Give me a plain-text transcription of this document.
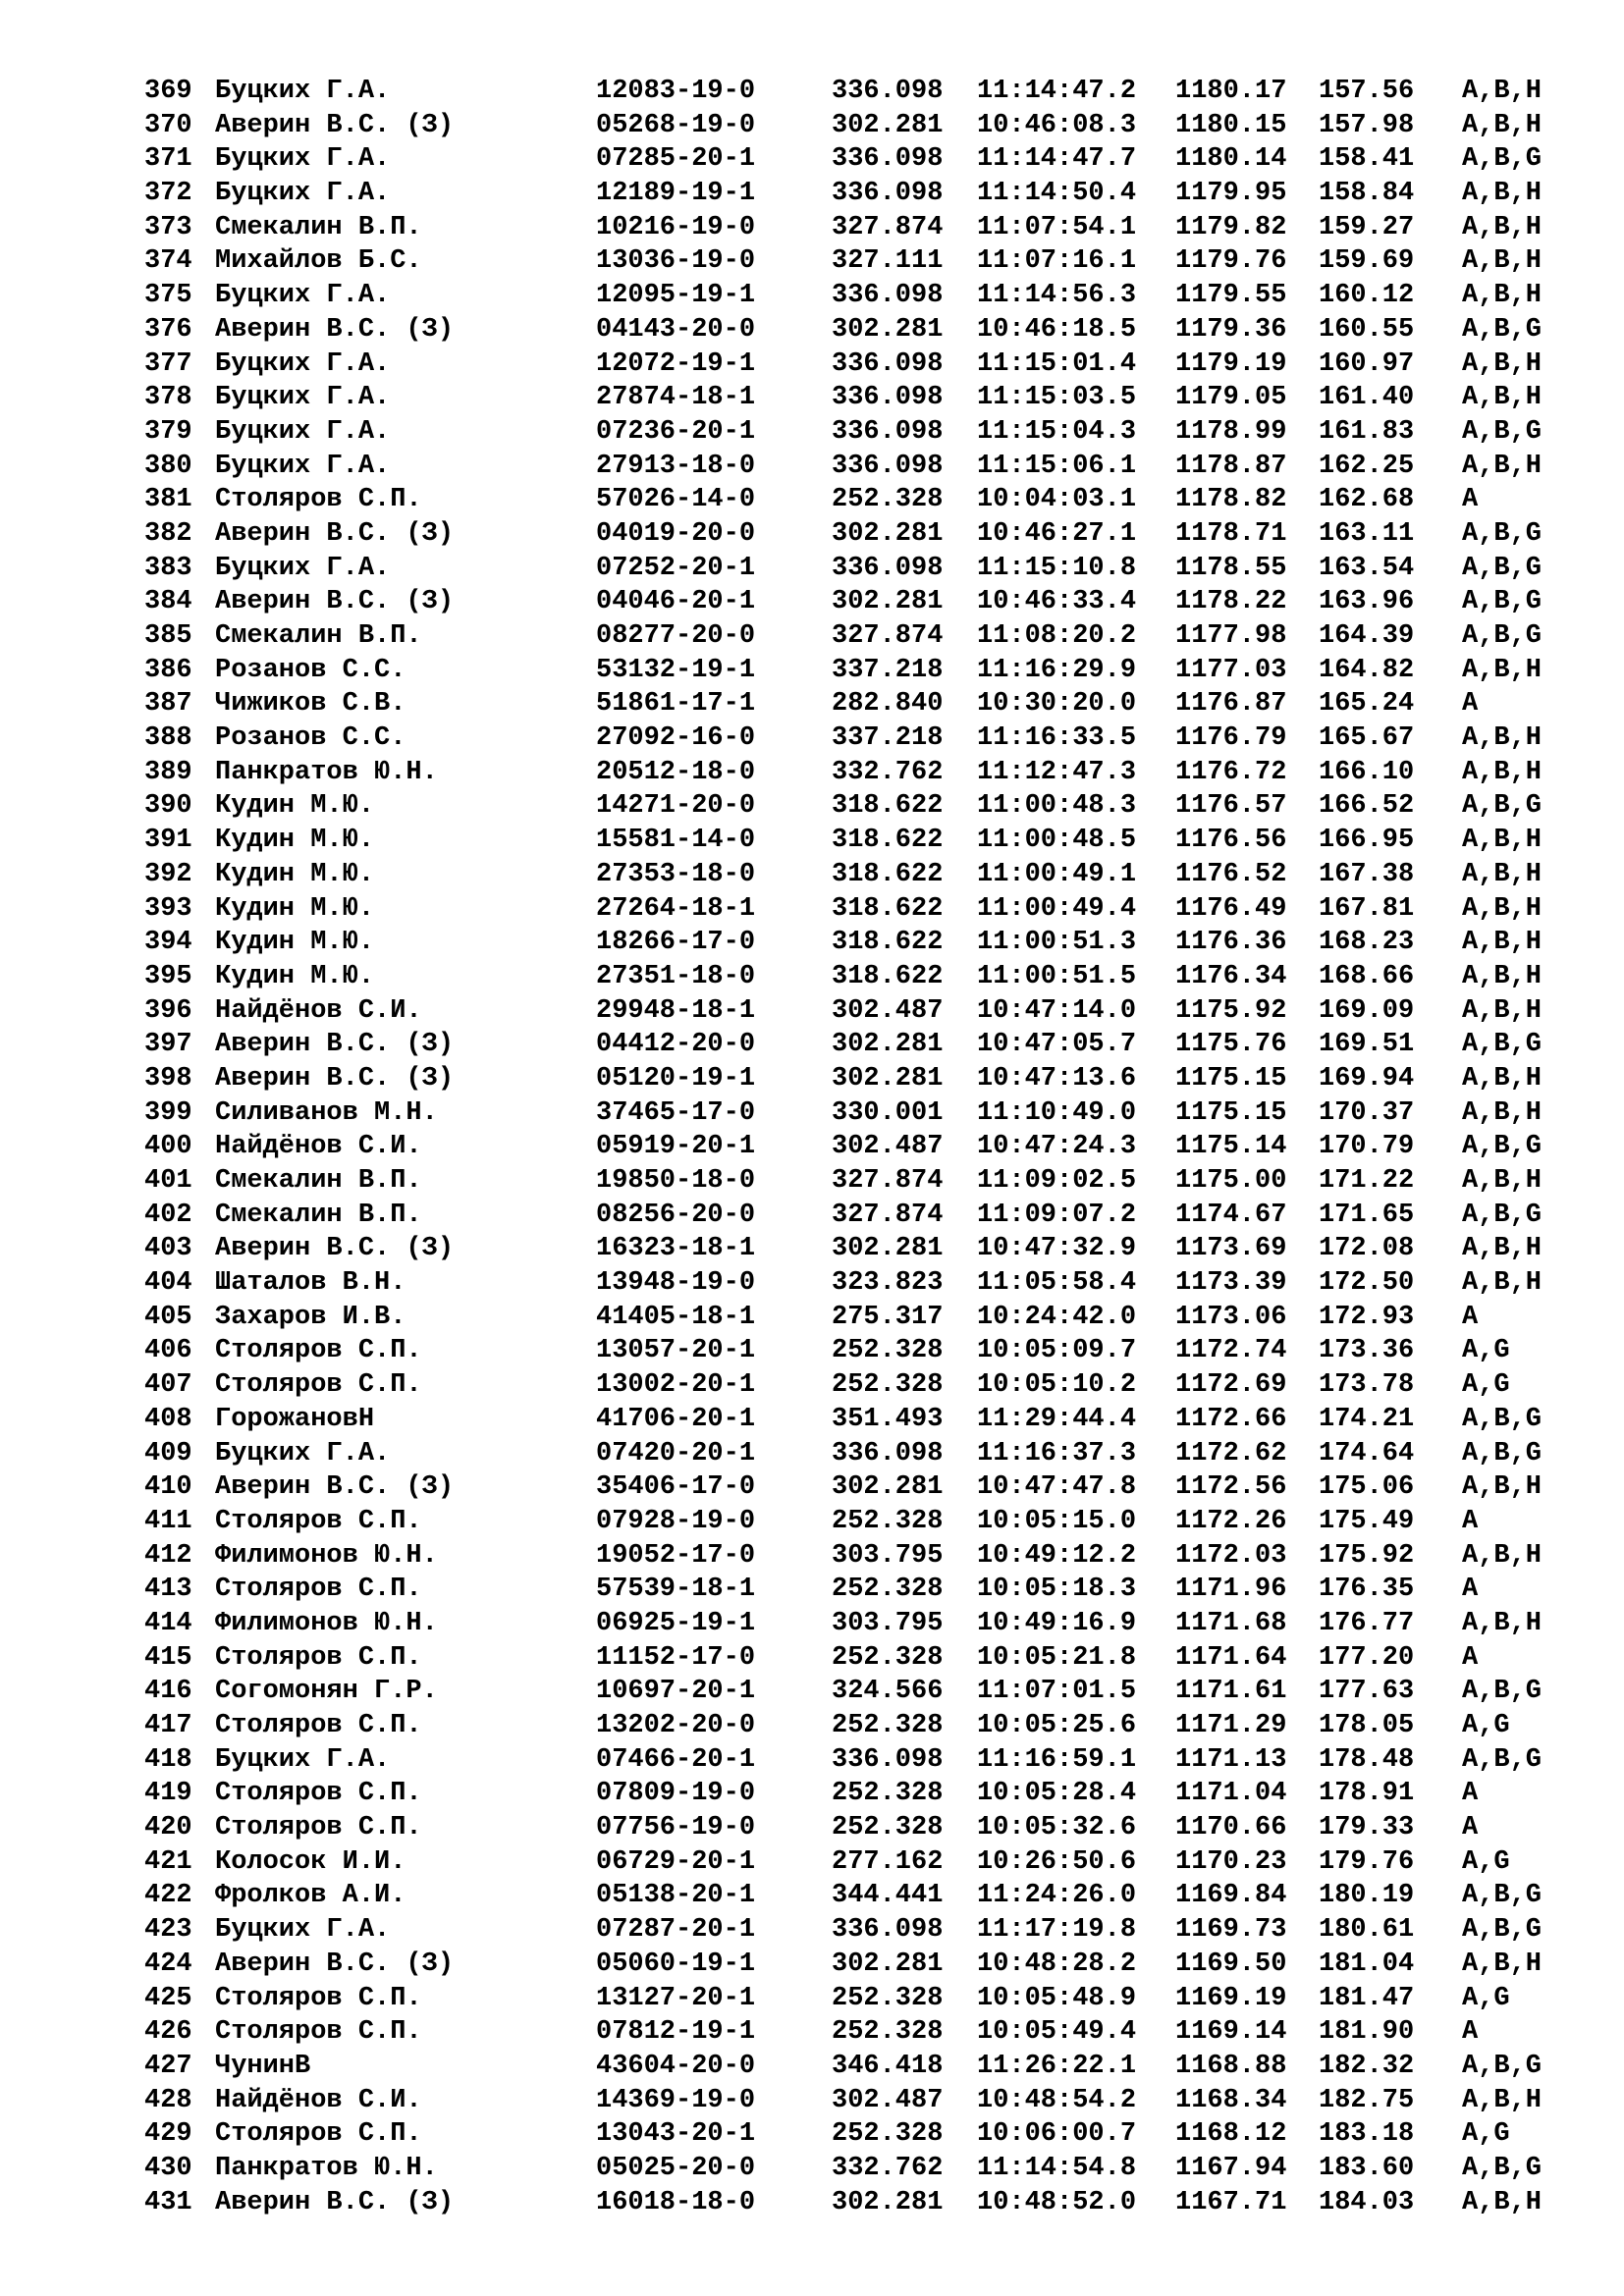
369 Буцких Г.А.	12083-19-0	336.098 11:14:47.2 1180.17 157.56 A,B,H
370 Аверин В.С. (З)	05268-19-0	302.281 10:46:08.3 1180.15 157.98 A,B,H
371 Буцких Г.А.	07285-20-1	336.098 11:14:47.7 1180.14 158.41 A,B,G
372 Буцких Г.А.	12189-19-1	336.098 11:14:50.4 1179.95 158.84 A,B,H
373 Смекалин В.П.	10216-19-0	327.874 11:07:54.1 1179.82 159.27 A,B,H
374 Михайлов Б.С.	13036-19-0	327.111 11:07:16.1 1179.76 159.69 A,B,H
375 Буцких Г.А.	12095-19-1	336.098 11:14:56.3 1179.55 160.12 A,B,H
376 Аверин В.С. (З)	04143-20-0	302.281 10:46:18.5 1179.36 160.55 A,B,G
377 Буцких Г.А.	12072-19-1	336.098 11:15:01.4 1179.19 160.97 A,B,H
378 Буцких Г.А.	27874-18-1	336.098 11:15:03.5 1179.05 161.40 A,B,H
379 Буцких Г.А.	07236-20-1	336.098 11:15:04.3 1178.99 161.83 A,B,G
380 Буцких Г.А.	27913-18-0	336.098 11:15:06.1 1178.87 162.25 A,B,H
381 Столяров С.П.	57026-14-0	252.328 10:04:03.1 1178.82 162.68 A
382 Аверин В.С. (З)	04019-20-0	302.281 10:46:27.1 1178.71 163.11 A,B,G
383 Буцких Г.А.	07252-20-1	336.098 11:15:10.8 1178.55 163.54 A,B,G
384 Аверин В.С. (З)	04046-20-1	302.281 10:46:33.4 1178.22 163.96 A,B,G
385 Смекалин В.П.	08277-20-0	327.874 11:08:20.2 1177.98 164.39 A,B,G
386 Розанов С.С.	53132-19-1	337.218 11:16:29.9 1177.03 164.82 A,B,H
387 Чижиков С.В.	51861-17-1	282.840 10:30:20.0 1176.87 165.24 A
388 Розанов С.С.	27092-16-0	337.218 11:16:33.5 1176.79 165.67 A,B,H
389 Панкратов Ю.Н.	20512-18-0	332.762 11:12:47.3 1176.72 166.10 A,B,H
390 Кудин М.Ю.	14271-20-0	318.622 11:00:48.3 1176.57 166.52 A,B,G
391 Кудин М.Ю.	15581-14-0	318.622 11:00:48.5 1176.56 166.95 A,B,H
392 Кудин М.Ю.	27353-18-0	318.622 11:00:49.1 1176.52 167.38 A,B,H
393 Кудин М.Ю.	27264-18-1	318.622 11:00:49.4 1176.49 167.81 A,B,H
394 Кудин М.Ю.	18266-17-0	318.622 11:00:51.3 1176.36 168.23 A,B,H
395 Кудин М.Ю.	27351-18-0	318.622 11:00:51.5 1176.34 168.66 A,B,H
396 Найдёнов С.И.	29948-18-1	302.487 10:47:14.0 1175.92 169.09 A,B,H
397 Аверин В.С. (З)	04412-20-0	302.281 10:47:05.7 1175.76 169.51 A,B,G
398 Аверин В.С. (З)	05120-19-1	302.281 10:47:13.6 1175.15 169.94 A,B,H
399 Силиванов М.Н.	37465-17-0	330.001 11:10:49.0 1175.15 170.37 A,B,H
400 Найдёнов С.И.	05919-20-1	302.487 10:47:24.3 1175.14 170.79 A,B,G
401 Смекалин В.П.	19850-18-0	327.874 11:09:02.5 1175.00 171.22 A,B,H
402 Смекалин В.П.	08256-20-0	327.874 11:09:07.2 1174.67 171.65 A,B,G
403 Аверин В.С. (З)	16323-18-1	302.281 10:47:32.9 1173.69 172.08 A,B,H
404 Шаталов В.Н.	13948-19-0	323.823 11:05:58.4 1173.39 172.50 A,B,H
405 Захаров И.В.	41405-18-1	275.317 10:24:42.0 1173.06 172.93 A
406 Столяров С.П.	13057-20-1	252.328 10:05:09.7 1172.74 173.36 A,G
407 Столяров С.П.	13002-20-1	252.328 10:05:10.2 1172.69 173.78 A,G
408 ГорожановН	41706-20-1	351.493 11:29:44.4 1172.66 174.21 A,B,G
409 Буцких Г.А.	07420-20-1	336.098 11:16:37.3 1172.62 174.64 A,B,G
410 Аверин В.С. (З)	35406-17-0	302.281 10:47:47.8 1172.56 175.06 A,B,H
411 Столяров С.П.	07928-19-0	252.328 10:05:15.0 1172.26 175.49 A
412 Филимонов Ю.Н.	19052-17-0	303.795 10:49:12.2 1172.03 175.92 A,B,H
413 Столяров С.П.	57539-18-1	252.328 10:05:18.3 1171.96 176.35 A
414 Филимонов Ю.Н.	06925-19-1	303.795 10:49:16.9 1171.68 176.77 A,B,H
415 Столяров С.П.	11152-17-0	252.328 10:05:21.8 1171.64 177.20 A
416 Согомонян Г.Р.	10697-20-1	324.566 11:07:01.5 1171.61 177.63 A,B,G
417 Столяров С.П.	13202-20-0	252.328 10:05:25.6 1171.29 178.05 A,G
418 Буцких Г.А.	07466-20-1	336.098 11:16:59.1 1171.13 178.48 A,B,G
419 Столяров С.П.	07809-19-0	252.328 10:05:28.4 1171.04 178.91 A
420 Столяров С.П.	07756-19-0	252.328 10:05:32.6 1170.66 179.33 A
421 Колосок И.И.	06729-20-1	277.162 10:26:50.6 1170.23 179.76 A,G
422 Фролков А.И.	05138-20-1	344.441 11:24:26.0 1169.84 180.19 A,B,G
423 Буцких Г.А.	07287-20-1	336.098 11:17:19.8 1169.73 180.61 A,B,G
424 Аверин В.С. (З)	05060-19-1	302.281 10:48:28.2 1169.50 181.04 A,B,H
425 Столяров С.П.	13127-20-1	252.328 10:05:48.9 1169.19 181.47 A,G
426 Столяров С.П.	07812-19-1	252.328 10:05:49.4 1169.14 181.90 A
427 ЧунинВ	43604-20-0	346.418 11:26:22.1 1168.88 182.32 A,B,G
428 Найдёнов С.И.	14369-19-0	302.487 10:48:54.2 1168.34 182.75 A,B,H
429 Столяров С.П.	13043-20-1	252.328 10:06:00.7 1168.12 183.18 A,G
430 Панкратов Ю.Н.	05025-20-0	332.762 11:14:54.8 1167.94 183.60 A,B,G
431 Аверин В.С. (З)	16018-18-0	302.281 10:48:52.0 1167.71 184.03 A,B,H
